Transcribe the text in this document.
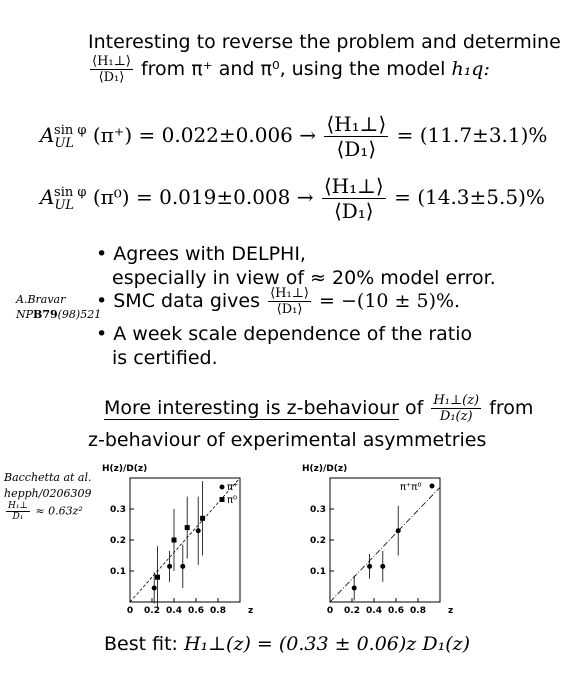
Interesting to reverse the problem and determine
$\frac{\text{⟨H₁⊥⟩}}{\text{⟨D₁⟩}}$ from π⁺ and π⁰, using the model h₁q:
$A_{UL}^{sin \varphi}$ $(\pi^+) = 0.022\pm 0.006 \to \frac{\text{⟨H₁⊥⟩}}{\text{⟨D₁⟩}} = (11.7\pm 3.1)\%$
$A_{UL}^{sin \varphi}$ $(\pi^0) = 0.019\pm 0.008 \to \frac{\text{⟨H₁⊥⟩}}{\text{⟨D₁⟩}} = (14.3\pm 5.5)\%$
• Agrees with DELPHI,
especially in view of ≈ 20% model error.
A.Bravar
NPB79(98)521
• SMC data gives $\frac{\text{⟨H₁⊥⟩}}{\text{⟨D₁⟩}} = -(10 \pm 5)\%$.
• A week scale dependence of the ratio
is certified.
More interesting is z-behaviour of $\frac{\text{H₁⊥(z)}}{\text{D₁(z)}}$ from
z-behaviour of experimental asymmetries
Bacchetta at al.
hepph/0206309
$\frac{\text{H₁⊥}}{\text{D₁}} \approx 0.63z^2$
H(z)/D(z)
0 0.2 0.4 0.6 0.8 z
0.1
0.2
0.3
π⁺
π⁰
H(z)/D(z)
0 0.2 0.4 0.6 0.8 z
0.1
0.2
0.3
π⁺π⁰
Best fit: H₁⊥(z) = (0.33 ± 0.06)z D₁(z)
